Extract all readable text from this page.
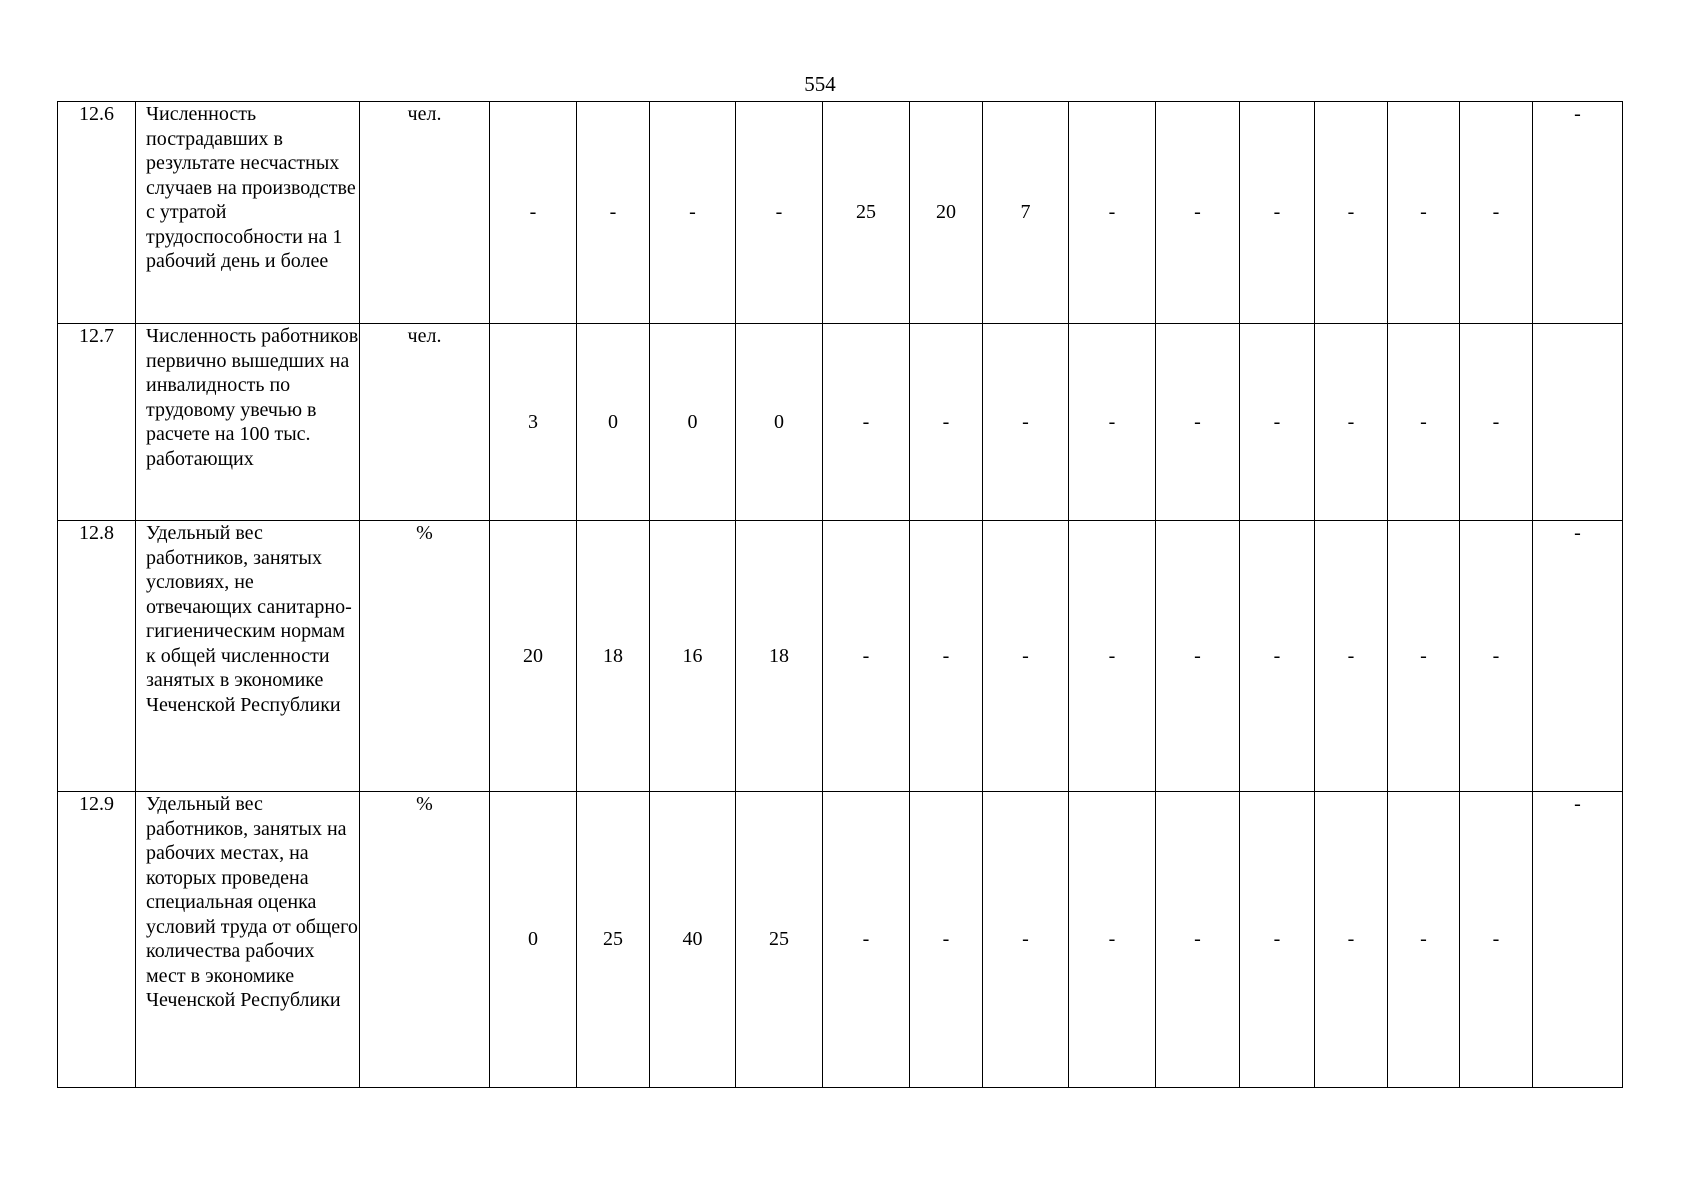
554
12.6	Численность пострадавших в результате несчастных случаев на производстве с утратой трудоспособности на 1 рабочий день и более	чел.	-	-	-	-	25	20	7	-	-	-	-	-	-	-
12.7	Численность работников первично вышедших на инвалидность по трудовому увечью в расчете на 100 тыс. работающих	чел.	3	0	0	0	-	-	-	-	-	-	-	-	-	
12.8	Удельный вес работников, занятых условиях, не отвечающих санитарно-гигиеническим нормам к общей численности занятых в экономике Чеченской Республики	%	20	18	16	18	-	-	-	-	-	-	-	-	-	-
12.9	Удельный вес работников, занятых на рабочих местах, на которых проведена специальная оценка условий труда от общего количества рабочих мест в экономике Чеченской Республики	%	0	25	40	25	-	-	-	-	-	-	-	-	-	-
